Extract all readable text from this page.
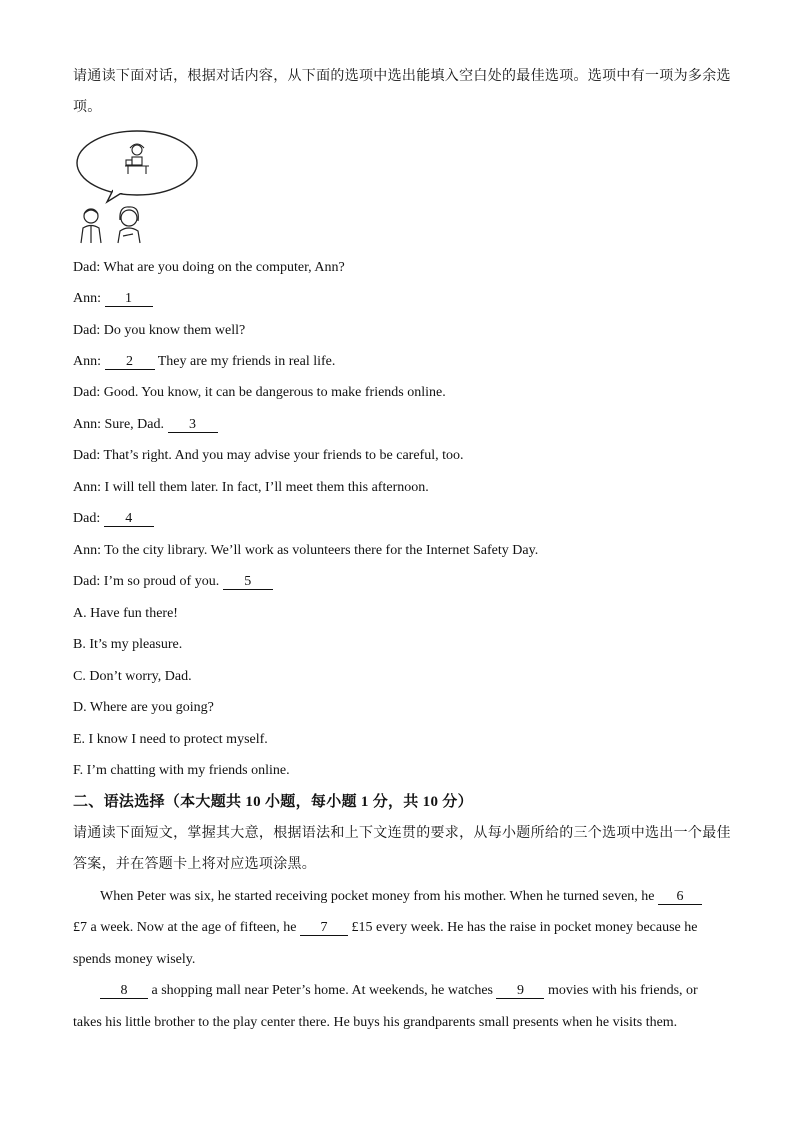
请通读下面对话，根据对话内容，从下面的选项中选出能填入空白处的最佳选项。选项中有一项为多余选
项。
Dad: What are you doing on the computer, Ann?
Ann: 1
Dad: Do you know them well?
Ann: 2 They are my friends in real life.
Dad: Good. You know, it can be dangerous to make friends online.
Ann: Sure, Dad. 3
Dad: That’s right. And you may advise your friends to be careful, too.
Ann: I will tell them later. In fact, I’ll meet them this afternoon.
Dad: 4
Ann: To the city library. We’ll work as volunteers there for the Internet Safety Day.
Dad: I’m so proud of you. 5
A. Have fun there!
B. It’s my pleasure.
C. Don’t worry, Dad.
D. Where are you going?
E. I know I need to protect myself.
F. I’m chatting with my friends online.
二、语法选择（本大题共 10 小题，每小题 1 分，共 10 分）
请通读下面短文，掌握其大意，根据语法和上下文连贯的要求，从每小题所给的三个选项中选出一个最佳
答案，并在答题卡上将对应选项涂黑。
When Peter was six, he started receiving pocket money from his mother. When he turned seven, he 6
£7 a week. Now at the age of fifteen, he 7 £15 every week. He has the raise in pocket money because he
spends money wisely.
8 a shopping mall near Peter’s home. At weekends, he watches 9 movies with his friends, or
takes his little brother to the play center there. He buys his grandparents small presents when he visits them.
